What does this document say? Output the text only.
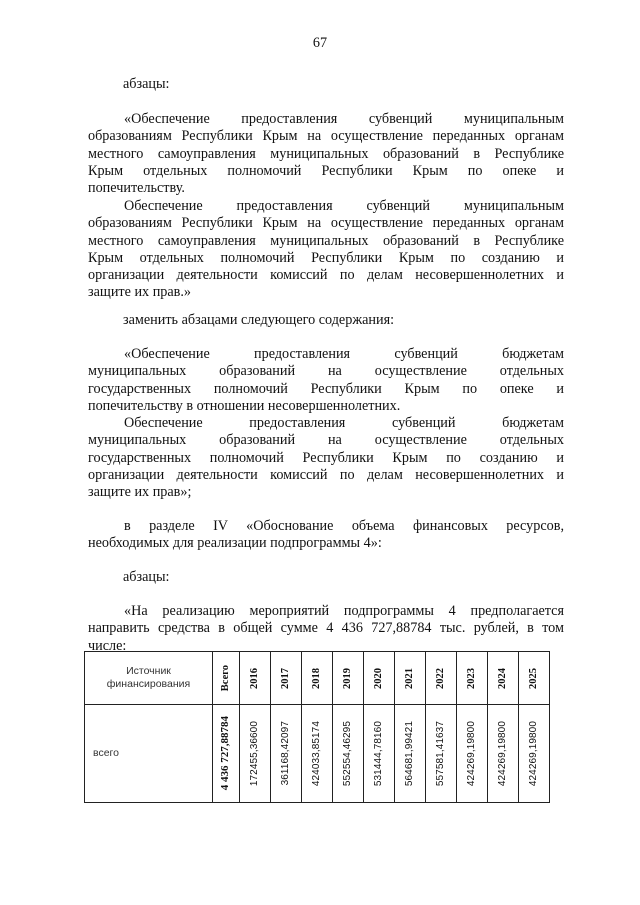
67
абзацы:
«Обеспечение предоставления субвенций муниципальным
образованиям Республики Крым на осуществление переданных органам
местного самоуправления муниципальных образований в Республике
Крым отдельных полномочий Республики Крым по опеке и
попечительству.
Обеспечение предоставления субвенций муниципальным
образованиям Республики Крым на осуществление переданных органам
местного самоуправления муниципальных образований в Республике
Крым отдельных полномочий Республики Крым по созданию и
организации деятельности комиссий по делам несовершеннолетних и
защите их прав.»
заменить абзацами следующего содержания:
«Обеспечение предоставления субвенций бюджетам
муниципальных образований на осуществление отдельных
государственных полномочий Республики Крым по опеке и
попечительству в отношении несовершеннолетних.
Обеспечение предоставления субвенций бюджетам
муниципальных образований на осуществление отдельных
государственных полномочий Республики Крым по созданию и
организации деятельности комиссий по делам несовершеннолетних и
защите их прав»;
в разделе IV «Обоснование объема финансовых ресурсов,
необходимых для реализации подпрограммы 4»:
абзацы:
«На реализацию мероприятий подпрограммы 4 предполагается
направить средства в общей сумме 4 436 727,88784 тыс. рублей, в том
числе:
Источник финансирования	Всего	2016	2017	2018	2019	2020	2021	2022	2023	2024	2025

всего	4 436 727,88784	172455,36600	361168,42097	424033,85174	552554,46295	531444,78160	564681,99421	557581,41637	424269,19800	424269,19800	424269,19800
